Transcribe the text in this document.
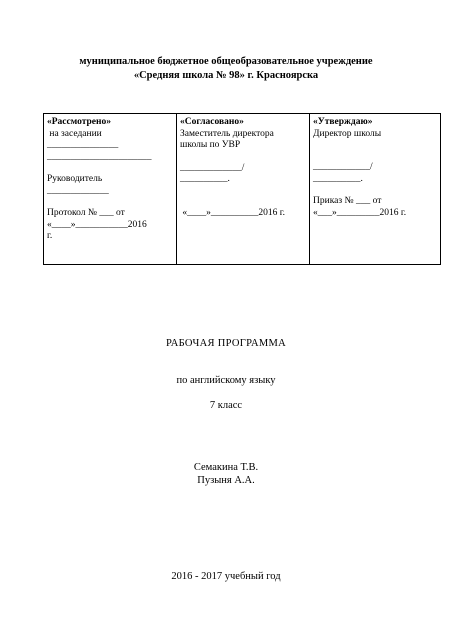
муниципальное бюджетное общеобразовательное учреждение
«Средняя школа № 98» г. Красноярска
«Рассмотрено»
на заседании
_______________
______________________
Руководитель
_____________
Протокол № ___ от
«____»___________2016
г.
«Согласовано»
Заместитель директора
школы по УВР
_____________/
__________.
«____»__________2016 г.
«Утверждаю»
Директор школы
____________/
__________.
Приказ № ___ от
«___»_________2016 г.
РАБОЧАЯ ПРОГРАММА
по английскому языку
7 класс
Семакина Т.В.
Пузыня А.А.
2016 - 2017 учебный год
